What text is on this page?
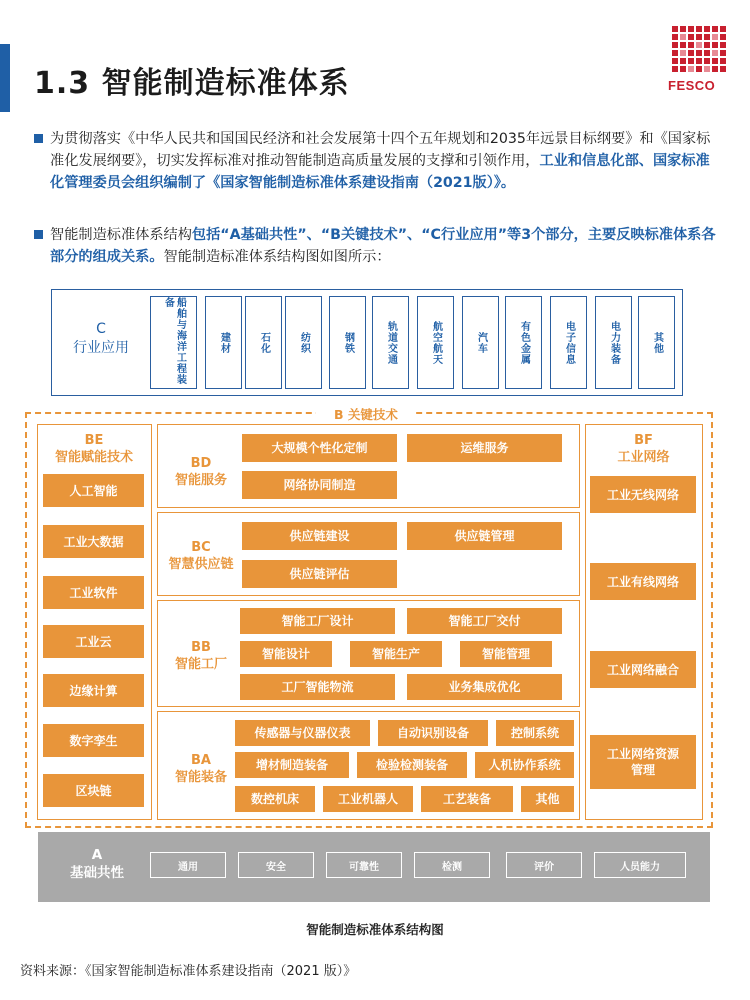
1.3 智能制造标准体系	FESCO
为贯彻落实《中华人民共和国国民经济和社会发展第十四个五年规划和2035年远景目标纲要》和《国家标准化发展纲要》，切实发挥标准对推动智能制造高质量发展的支撑和引领作用，工业和信息化部、国家标准化管理委员会组织编制了《国家智能制造标准体系建设指南（2021版）》。
智能制造标准体系结构包括“A基础共性”、“B关键技术”、“C行业应用”等3个部分，主要反映标准体系各部分的组成关系。智能制造标准体系结构图如图所示：
C
行业应用	船舶与海洋工程装备
建材	石化	纺织	钢铁	轨道交通	航空航天	汽车	有色金属	电子信息	电力装备	其他
B 关键技术
BE
智能赋能技术
人工智能
工业大数据
工业软件
工业云
边缘计算
数字孪生
区块链
BF
工业网络
工业无线网络
工业有线网络
工业网络融合
工业网络资源管理
BD
智能服务
大规模个性化定制	运维服务
网络协同制造
BC
智慧供应链
供应链建设	供应链管理
供应链评估
BB
智能工厂
智能工厂设计	智能工厂交付
智能设计	智能生产	智能管理
工厂智能物流	业务集成优化
BA
智能装备
传感器与仪器仪表	自动识别设备	控制系统
增材制造装备	检验检测装备	人机协作系统
数控机床	工业机器人	工艺装备	其他
A
基础共性	通用	安全	可靠性	检测	评价	人员能力
智能制造标准体系结构图
资料来源：《国家智能制造标准体系建设指南（2021 版）》
